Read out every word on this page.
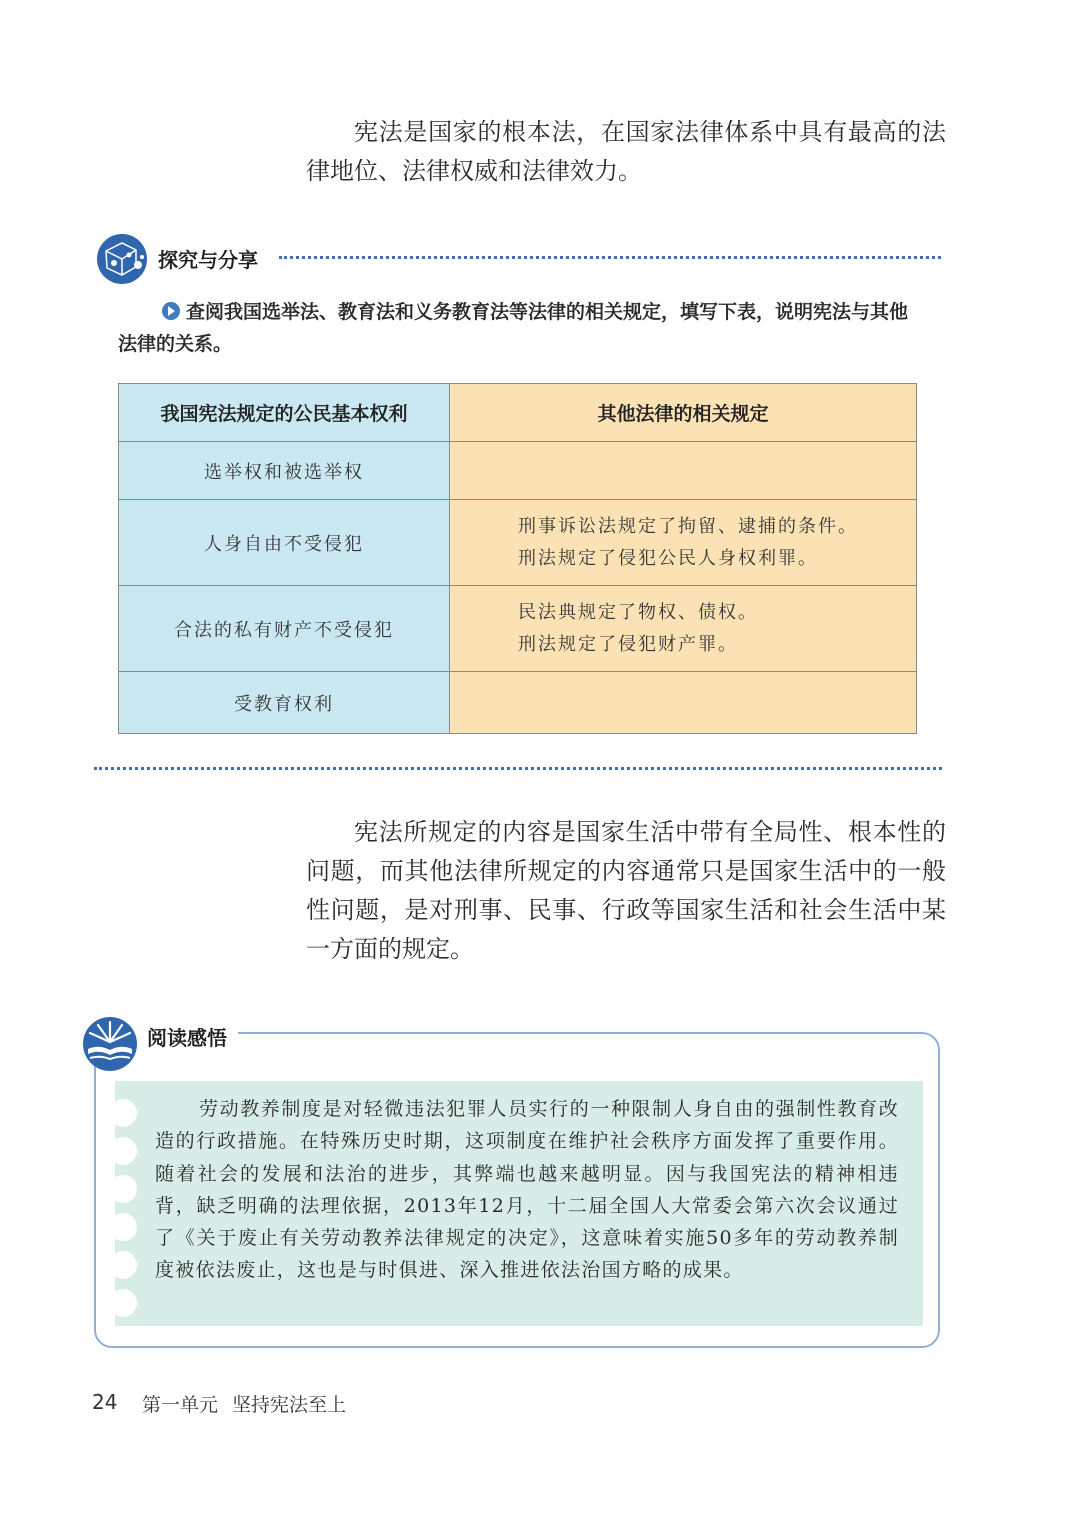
宪法是国家的根本法，在国家法律体系中具有最高的法律地位、法律权威和法律效力。

探究与分享
查阅我国选举法、教育法和义务教育法等法律的相关规定，填写下表，说明宪法与其他法律的关系。
我国宪法规定的公民基本权利	其他法律的相关规定
选举权和被选举权	

人身自由不受侵犯	刑事诉讼法规定了拘留、逮捕的条件。
刑法规定了侵犯公民人身权利罪。

合法的私有财产不受侵犯	民法典规定了物权、债权。
刑法规定了侵犯财产罪。

受教育权利	

宪法所规定的内容是国家生活中带有全局性、根本性的问题，而其他法律所规定的内容通常只是国家生活中的一般性问题，是对刑事、民事、行政等国家生活和社会生活中某一方面的规定。

阅读感悟

劳动教养制度是对轻微违法犯罪人员实行的一种限制人身自由的强制性教育改造的行政措施。在特殊历史时期，这项制度在维护社会秩序方面发挥了重要作用。随着社会的发展和法治的进步，其弊端也越来越明显。因与我国宪法的精神相违背，缺乏明确的法理依据，2013年12月，十二届全国人大常委会第六次会议通过了《关于废止有关劳动教养法律规定的决定》，这意味着实施50多年的劳动教养制度被依法废止，这也是与时俱进、深入推进依法治国方略的成果。

24 第一单元 坚持宪法至上
